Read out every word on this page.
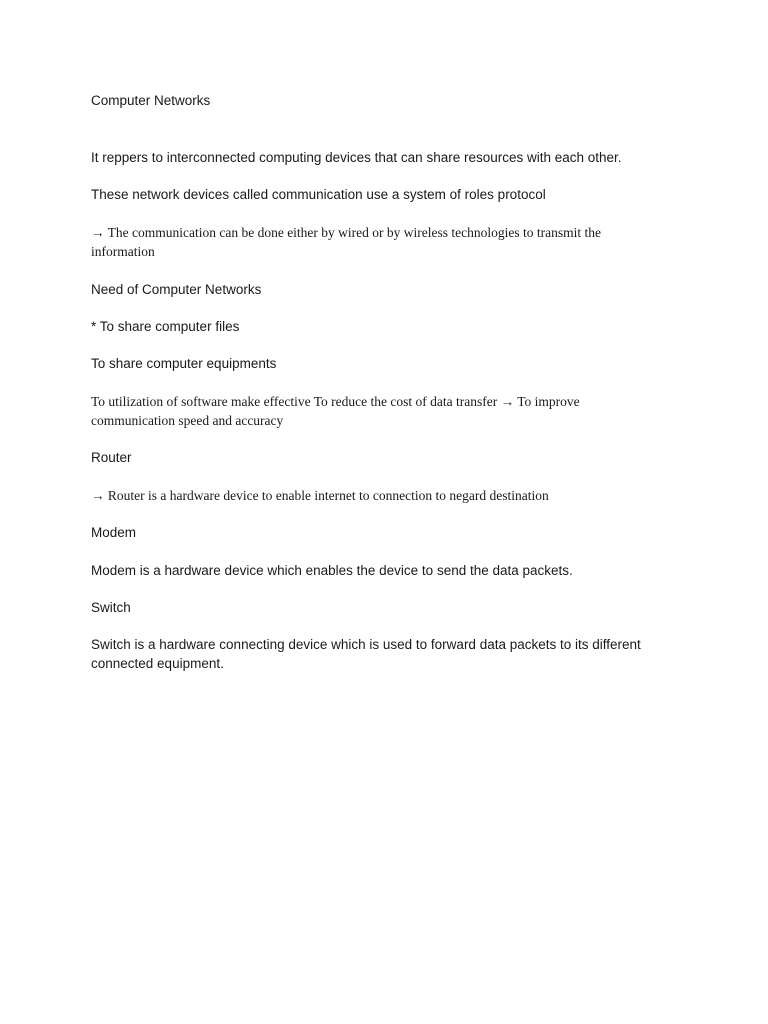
Computer Networks

It reppers to interconnected computing devices that can share resources with each other.

These network devices called communication use a system of roles protocol

→ The communication can be done either by wired or by wireless technologies to transmit the information

Need of Computer Networks

* To share computer files

To share computer equipments

To utilization of software make effective To reduce the cost of data transfer → To improve communication speed and accuracy

Router

→ Router is a hardware device to enable internet to connection to negard destination

Modem

Modem is a hardware device which enables the device to send the data packets.

Switch

Switch is a hardware connecting device which is used to forward data packets to its different connected equipment.
